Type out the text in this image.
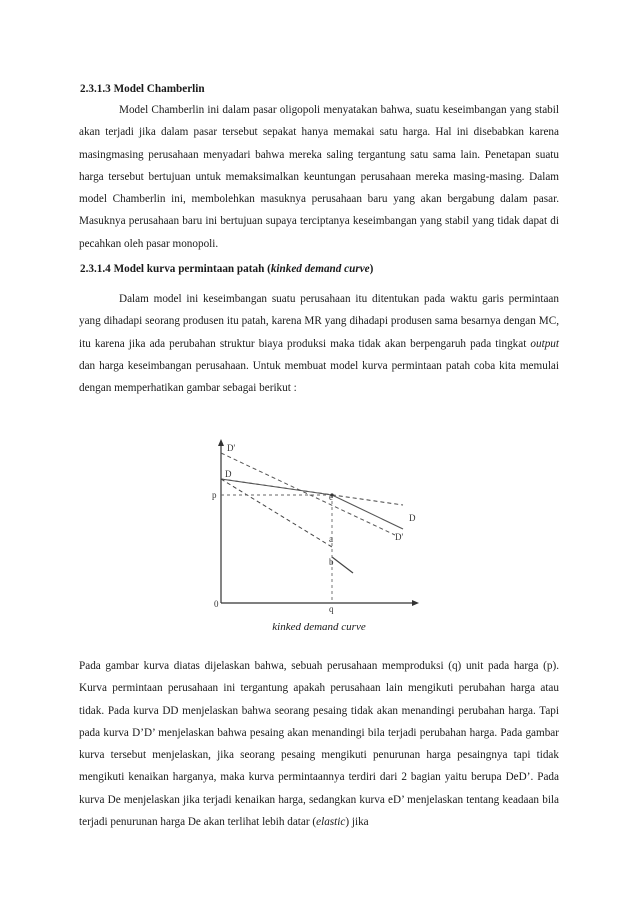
2.3.1.3 Model Chamberlin

Model Chamberlin ini dalam pasar oligopoli menyatakan bahwa, suatu keseimbangan yang stabil akan terjadi jika dalam pasar tersebut sepakat hanya memakai satu harga. Hal ini disebabkan karena masingmasing perusahaan menyadari bahwa mereka saling tergantung satu sama lain. Penetapan suatu harga tersebut bertujuan untuk memaksimalkan keuntungan perusahaan mereka masing-masing. Dalam model Chamberlin ini, membolehkan masuknya perusahaan baru yang akan bergabung dalam pasar. Masuknya perusahaan baru ini bertujuan supaya terciptanya keseimbangan yang stabil yang tidak dapat di pecahkan oleh pasar monopoli.

2.3.1.4 Model kurva permintaan patah (kinked demand curve)

Dalam model ini keseimbangan suatu perusahaan itu ditentukan pada waktu garis permintaan yang dihadapi seorang produsen itu patah, karena MR yang dihadapi produsen sama besarnya dengan MC, itu karena jika ada perubahan struktur biaya produksi maka tidak akan berpengaruh pada tingkat output dan harga keseimbangan perusahaan. Untuk membuat model kurva permintaan patah coba kita memulai dengan memperhatikan gambar sebagai berikut :

D'
D
p	e
D
D'
a
b
0	q
kinked demand curve

Pada gambar kurva diatas dijelaskan bahwa, sebuah perusahaan memproduksi (q) unit pada harga (p). Kurva permintaan perusahaan ini tergantung apakah perusahaan lain mengikuti perubahan harga atau tidak. Pada kurva DD menjelaskan bahwa seorang pesaing tidak akan menandingi perubahan harga. Tapi pada kurva D’D’ menjelaskan bahwa pesaing akan menandingi bila terjadi perubahan harga. Pada gambar kurva tersebut menjelaskan, jika seorang pesaing mengikuti penurunan harga pesaingnya tapi tidak mengikuti kenaikan harganya, maka kurva permintaannya terdiri dari 2 bagian yaitu berupa DeD’. Pada kurva De menjelaskan jika terjadi kenaikan harga, sedangkan kurva eD’ menjelaskan tentang keadaan bila terjadi penurunan harga De akan terlihat lebih datar (elastic) jika
